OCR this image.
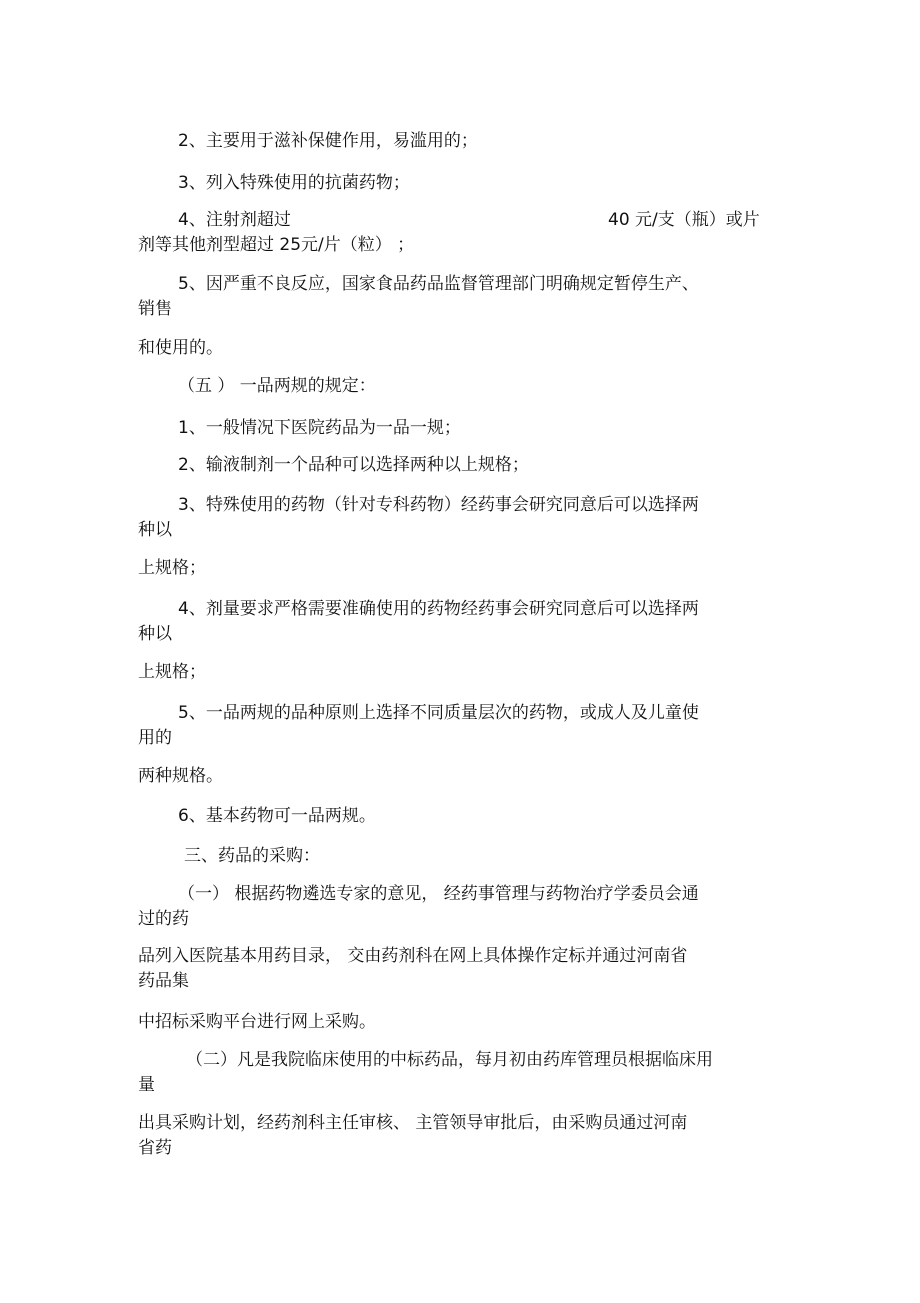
2、主要用于滋补保健作用，易滥用的；

3、列入特殊使用的抗菌药物；

4、注射剂超过	40 元/支（瓶）或片

剂等其他剂型超过 25元/片（粒） ；

5、因严重不良反应，国家食品药品监督管理部门明确规定暂停生产、

销售

和使用的。

（五 ） 一品两规的规定：

1、一般情况下医院药品为一品一规；

2、输液制剂一个品种可以选择两种以上规格；

3、特殊使用的药物（针对专科药物）经药事会研究同意后可以选择两

种以

上规格；

4、剂量要求严格需要准确使用的药物经药事会研究同意后可以选择两

种以

上规格；

5、一品两规的品种原则上选择不同质量层次的药物，或成人及儿童使

用的

两种规格。

6、基本药物可一品两规。

三、药品的采购：

（一） 根据药物遴选专家的意见， 经药事管理与药物治疗学委员会通

过的药

品列入医院基本用药目录， 交由药剂科在网上具体操作定标并通过河南省

药品集

中招标采购平台进行网上采购。

（二）凡是我院临床使用的中标药品，每月初由药库管理员根据临床用

量

出具采购计划，经药剂科主任审核、 主管领导审批后，由采购员通过河南

省药
